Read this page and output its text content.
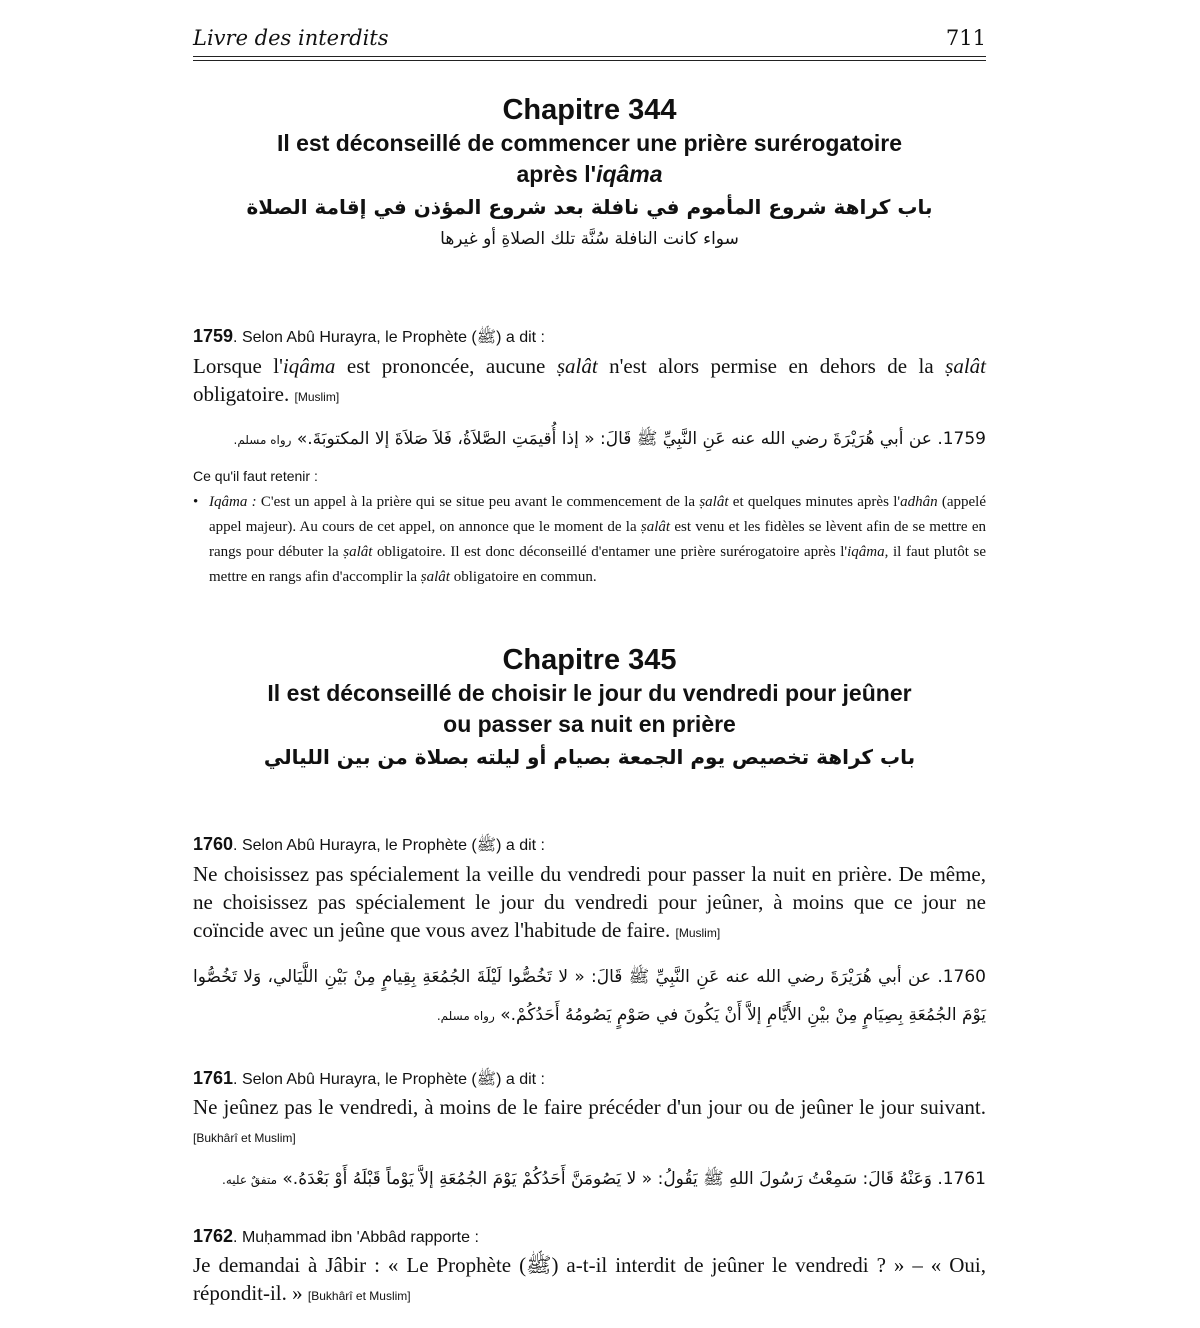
Livre des interdits	711
Chapitre 344
Il est déconseillé de commencer une prière surérogatoire
après l'iqâma
باب كراهة شروع المأموم في نافلة بعد شروع المؤذن في إقامة الصلاة
سواء كانت النافلة سُنَّة تلك الصلاةِ أو غيرها
1759. Selon Abû Hurayra, le Prophète (ﷺ) a dit :
Lorsque l'iqâma est prononcée, aucune ṣalât n'est alors permise en dehors de la ṣalât obligatoire. [Muslim]
1759. عن أبي هُرَيْرَةَ رضي الله عنه عَنِ النَّبِيِّ ﷺ قَالَ: « إذا أُقيمَتِ الصَّلاَةُ، فَلاَ صَلاَةَ إلا المكتوبَةَ.» رواه مسلم.
Ce qu'il faut retenir :
• Iqâma : C'est un appel à la prière qui se situe peu avant le commencement de la ṣalât et quelques minutes après l'adhân (appelé appel majeur). Au cours de cet appel, on annonce que le moment de la ṣalât est venu et les fidèles se lèvent afin de se mettre en rangs pour débuter la ṣalât obligatoire. Il est donc déconseillé d'entamer une prière surérogatoire après l'iqâma, il faut plutôt se mettre en rangs afin d'accomplir la ṣalât obligatoire en commun.
Chapitre 345
Il est déconseillé de choisir le jour du vendredi pour jeûner
ou passer sa nuit en prière
باب كراهة تخصيص يوم الجمعة بصيام أو ليلته بصلاة من بين الليالي
1760. Selon Abû Hurayra, le Prophète (ﷺ) a dit :
Ne choisissez pas spécialement la veille du vendredi pour passer la nuit en prière. De même, ne choisissez pas spécialement le jour du vendredi pour jeûner, à moins que ce jour ne coïncide avec un jeûne que vous avez l'habitude de faire. [Muslim]
1760. عن أبي هُرَيْرَةَ رضي الله عنه عَنِ النَّبِيِّ ﷺ قَالَ: « لا تَخُصُّوا لَيْلَةَ الجُمُعَةِ بِقِيامٍ مِنْ بَيْنِ اللَّيَالي، وَلا تَخُصُّوا يَوْمَ الجُمُعَةِ بِصِيَامٍ مِنْ بيْنِ الأَيَّامِ إلاَّ أَنْ يَكُونَ في صَوْمٍ يَصُومُهُ أَحَدُكُمْ.» رواه مسلم.
1761. Selon Abû Hurayra, le Prophète (ﷺ) a dit :
Ne jeûnez pas le vendredi, à moins de le faire précéder d'un jour ou de jeûner le jour suivant. [Bukhârî et Muslim]
1761. وَعَنْهُ قَالَ: سَمِعْتُ رَسُولَ اللهِ ﷺ يَقُولُ: « لا يَصُومَنَّ أَحَدُكُمْ يَوْمَ الجُمُعَةِ إلاَّ يَوْماً قَبْلَهُ أَوْ بَعْدَهُ.» متفقٌ عليه.
1762. Muḥammad ibn 'Abbâd rapporte :
Je demandai à Jâbir : « Le Prophète (ﷺ) a-t-il interdit de jeûner le vendredi ? » – « Oui, répondit-il. » [Bukhârî et Muslim]
